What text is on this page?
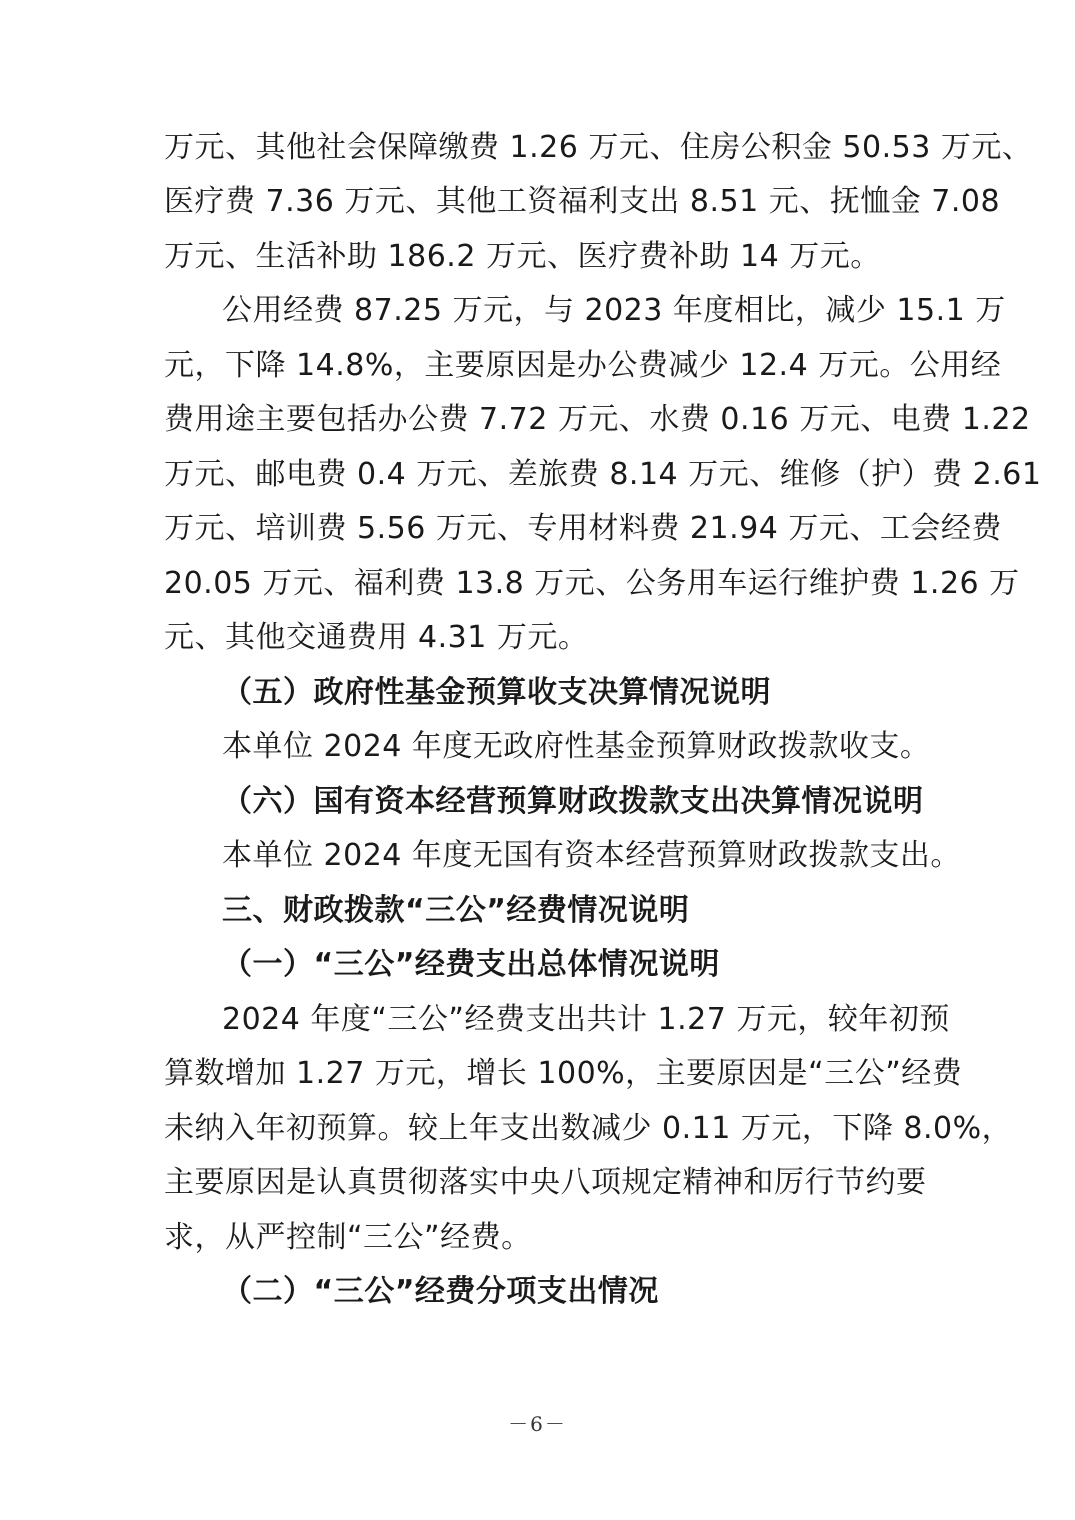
万元、其他社会保障缴费 1.26 万元、住房公积金 50.53 万元、
医疗费 7.36 万元、其他工资福利支出 8.51 元、抚恤金 7.08
万元、生活补助 186.2 万元、医疗费补助 14 万元。
公用经费 87.25 万元，与 2023 年度相比，减少 15.1 万
元，下降 14.8%，主要原因是办公费减少 12.4 万元。公用经
费用途主要包括办公费 7.72 万元、水费 0.16 万元、电费 1.22
万元、邮电费 0.4 万元、差旅费 8.14 万元、维修（护）费 2.61
万元、培训费 5.56 万元、专用材料费 21.94 万元、工会经费
20.05 万元、福利费 13.8 万元、公务用车运行维护费 1.26 万
元、其他交通费用 4.31 万元。
（五）政府性基金预算收支决算情况说明
本单位 2024 年度无政府性基金预算财政拨款收支。
（六）国有资本经营预算财政拨款支出决算情况说明
本单位 2024 年度无国有资本经营预算财政拨款支出。
三、财政拨款“三公”经费情况说明
（一）“三公”经费支出总体情况说明
2024 年度“三公”经费支出共计 1.27 万元，较年初预
算数增加 1.27 万元，增长 100%，主要原因是“三公”经费
未纳入年初预算。较上年支出数减少 0.11 万元，下降 8.0%，
主要原因是认真贯彻落实中央八项规定精神和厉行节约要
求，从严控制“三公”经费。
（二）“三公”经费分项支出情况
－6－
